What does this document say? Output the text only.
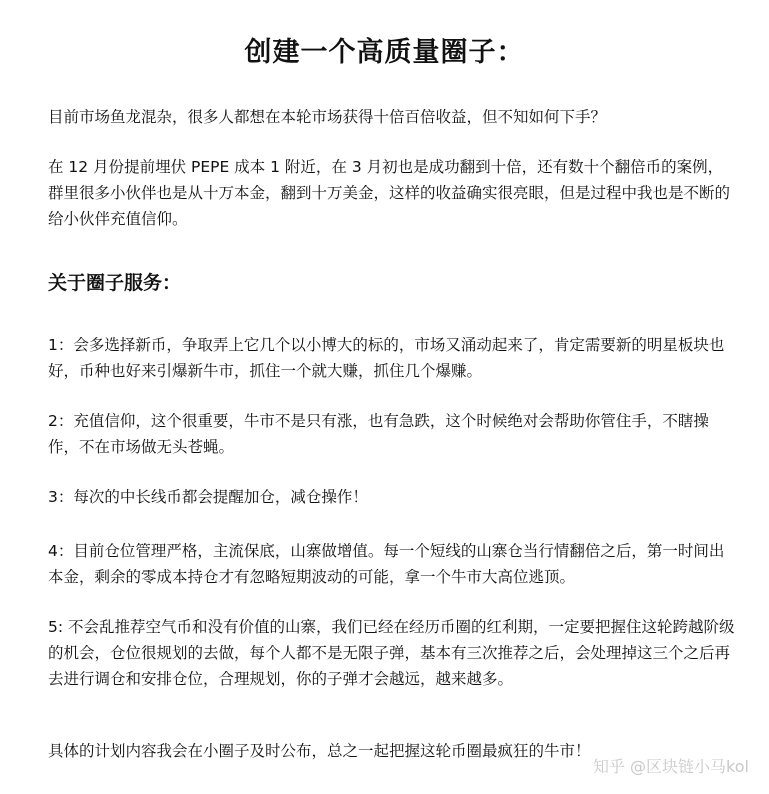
创建一个高质量圈子：
目前市场鱼龙混杂，很多人都想在本轮市场获得十倍百倍收益，但不知如何下手？
在 12 月份提前埋伏 PEPE 成本 1 附近，在 3 月初也是成功翻到十倍，还有数十个翻倍币的案例，群里很多小伙伴也是从十万本金，翻到十万美金，这样的收益确实很亮眼，但是过程中我也是不断的给小伙伴充值信仰。
关于圈子服务：
1：会多选择新币，争取弄上它几个以小博大的标的，市场又涌动起来了，肯定需要新的明星板块也好，币种也好来引爆新牛市，抓住一个就大赚，抓住几个爆赚。
2：充值信仰，这个很重要，牛市不是只有涨，也有急跌，这个时候绝对会帮助你管住手，不瞎操作，不在市场做无头苍蝇。
3：每次的中长线币都会提醒加仓，减仓操作！
4：目前仓位管理严格，主流保底，山寨做增值。每一个短线的山寨仓当行情翻倍之后，第一时间出本金，剩余的零成本持仓才有忽略短期波动的可能，拿一个牛市大高位逃顶。
5: 不会乱推荐空气币和没有价值的山寨，我们已经在经历币圈的红利期，一定要把握住这轮跨越阶级的机会，仓位很规划的去做，每个人都不是无限子弹，基本有三次推荐之后，会处理掉这三个之后再去进行调仓和安排仓位，合理规划，你的子弹才会越远，越来越多。
具体的计划内容我会在小圈子及时公布，总之一起把握这轮币圈最疯狂的牛市！
知乎 @区块链小马kol
